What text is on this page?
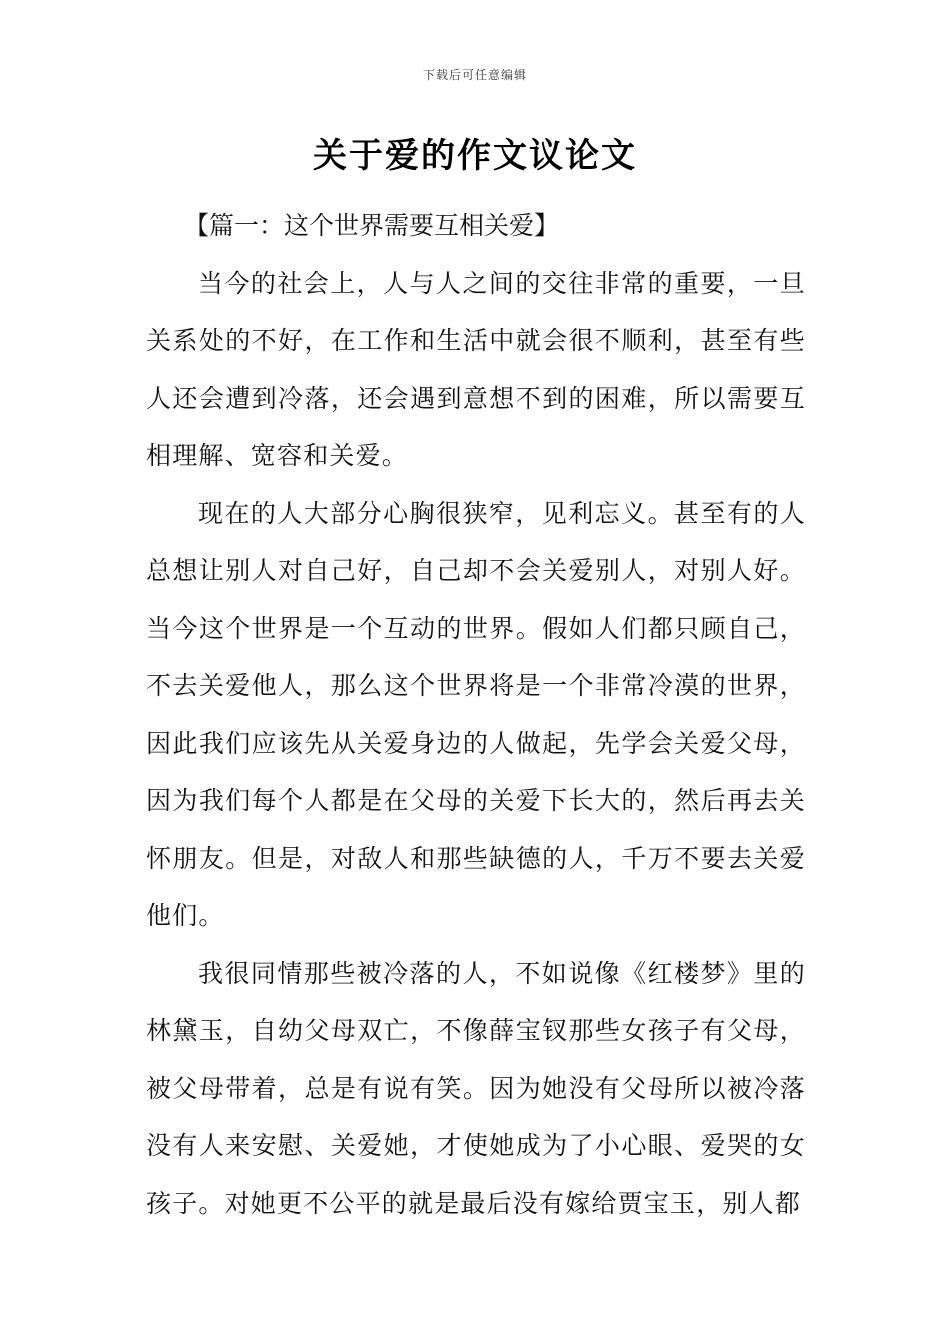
下载后可任意编辑
关于爱的作文议论文

【篇一：这个世界需要互相关爱】

当今的社会上，人与人之间的交往非常的重要，一旦关系处的不好，在工作和生活中就会很不顺利，甚至有些人还会遭到冷落，还会遇到意想不到的困难，所以需要互相理解、宽容和关爱。

现在的人大部分心胸很狭窄，见利忘义。甚至有的人总想让别人对自己好，自己却不会关爱别人，对别人好。当今这个世界是一个互动的世界。假如人们都只顾自己，不去关爱他人，那么这个世界将是一个非常冷漠的世界，因此我们应该先从关爱身边的人做起，先学会关爱父母，因为我们每个人都是在父母的关爱下长大的，然后再去关怀朋友。但是，对敌人和那些缺德的人，千万不要去关爱他们。

我很同情那些被冷落的人，不如说像《红楼梦》里的林黛玉，自幼父母双亡，不像薛宝钗那些女孩子有父母，被父母带着，总是有说有笑。因为她没有父母所以被冷落没有人来安慰、关爱她，才使她成为了小心眼、爱哭的女孩子。对她更不公平的就是最后没有嫁给贾宝玉，别人都
